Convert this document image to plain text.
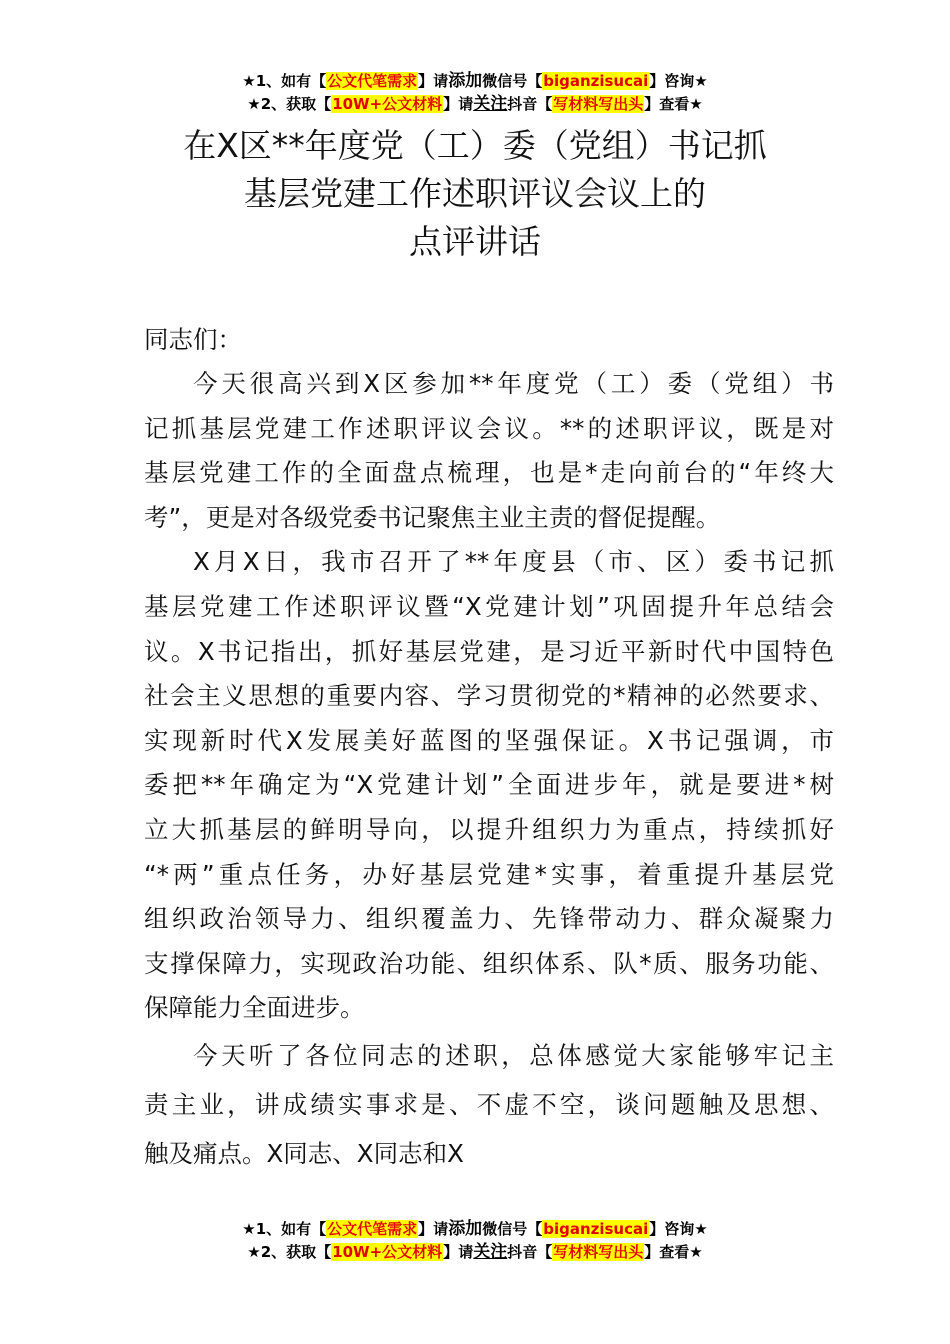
★1、如有【公文代笔需求】请添加微信号【biganzisucai】咨询★
★2、获取【10W+公文材料】请关注抖音【写材料写出头】查看★
在X区**年度党（工）委（党组）书记抓
基层党建工作述职评议会议上的
点评讲话
同志们：
今天很高兴到X区参加**年度党（工）委（党组）书
记抓基层党建工作述职评议会议。**的述职评议，既是对
基层党建工作的全面盘点梳理，也是*走向前台的“年终大
考”，更是对各级党委书记聚焦主业主责的督促提醒。
X月X日，我市召开了**年度县（市、区）委书记抓
基层党建工作述职评议暨“X党建计划”巩固提升年总结会
议。X书记指出，抓好基层党建，是习近平新时代中国特色
社会主义思想的重要内容、学习贯彻党的*精神的必然要求、
实现新时代X发展美好蓝图的坚强保证。X书记强调，市
委把**年确定为“X党建计划”全面进步年，就是要进*树
立大抓基层的鲜明导向，以提升组织力为重点，持续抓好
“*两”重点任务，办好基层党建*实事，着重提升基层党
组织政治领导力、组织覆盖力、先锋带动力、群众凝聚力
支撑保障力，实现政治功能、组织体系、队*质、服务功能、
保障能力全面进步。
今天听了各位同志的述职，总体感觉大家能够牢记主
责主业，讲成绩实事求是、不虚不空，谈问题触及思想、
触及痛点。X同志、X同志和X
★1、如有【公文代笔需求】请添加微信号【biganzisucai】咨询★
★2、获取【10W+公文材料】请关注抖音【写材料写出头】查看★
